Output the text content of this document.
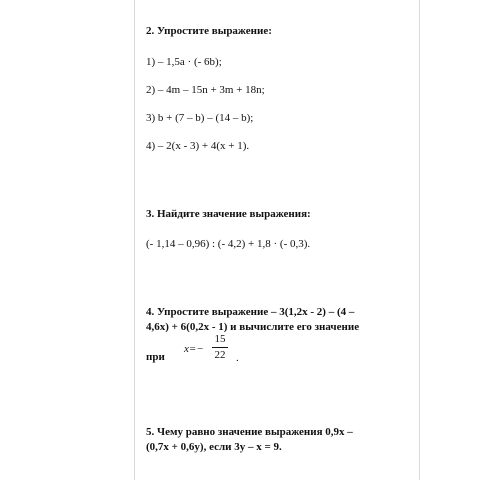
2. Упростите выражение:
1) – 1,5a · (- 6b);
2) – 4m – 15n + 3m + 18n;
3) b + (7 – b) – (14 – b);
4) – 2(x - 3) + 4(x + 1).
3. Найдите значение выражения:
(- 1,14 – 0,96) : (- 4,2) + 1,8 · (- 0,3).
4. Упростите выражение – 3(1,2x - 2) – (4 –
4,6x) + 6(0,2x - 1) и вычислите его значение
при
x=−
15
22 .
5. Чему равно значение выражения 0,9x –
(0,7x + 0,6y), если 3y – x = 9.
